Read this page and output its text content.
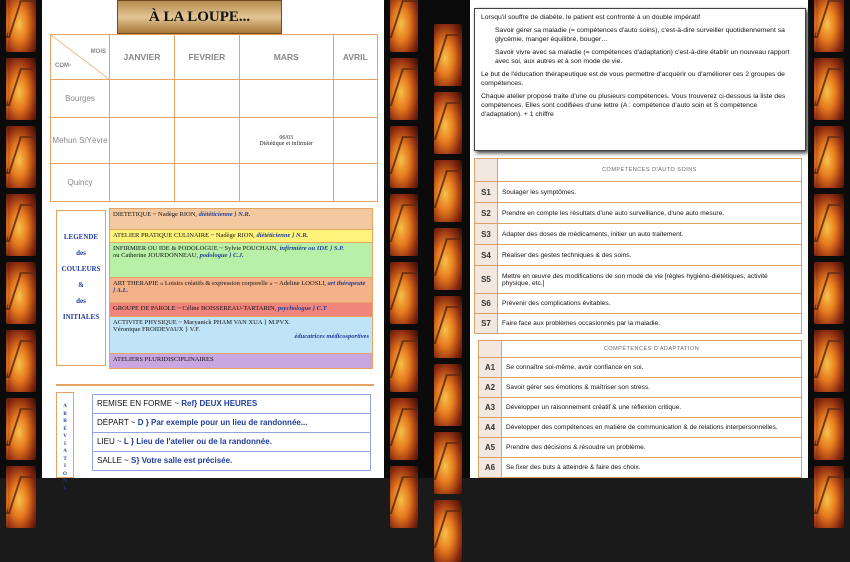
À LA LOUPE...
MOIS
COM-	JANVIER	FEVRIER	MARS	AVRIL
Bourges				
Mehun S/Yèvre			06/03
Diététique et infirmier	
Quincy				
LEGENDE
des
COULEURS
&
des
INITIALES
DIETETIQUE ~ Nadège RION, diététicienne } N.R.
ATELIER PRATIQUE CULINAIRE ~ Nadège RION, diététicienne } N.R.
INFIRMIER OU IDE & PODOLOGUE ~ Sylvie POUCHAIN, infirmière ou IDE } S.P.
ou Catherine JOURDONNEAU, podologue } C.J.
ART THERAPIE « Loisirs créatifs & expression corporelle » ~ Adeline LOOSLI, art thérapeute } A.L.
GROUPE DE PAROLE ~ Céline BOISSEREAU-TARTARIN, psychologue } C.T
ACTIVITE PHYSIQUE ~ Maryanick PHAM VAN XUA } M.PVX.
Véronique FROIDEVAUX } V.F.

éducatrices médicosportives
ATELIERS PLURIDISCIPLINAIRES
A
B
R
É
V
I
A
T
I
O
N
S
REMISE EN FORME ~ Ref} DEUX HEURES
DÉPART ~ D } Par exemple pour un lieu de randonnée...
LIEU ~ L } Lieu de l'atelier ou de la randonnée.
SALLE ~ S} Votre salle est précisée.

Lorsqu'il souffre de diabète, le patient est confronté à un double impératif

Savoir gérer sa maladie (= compétences d'auto soins), c'est-à-dire surveiller quotidiennement sa glycémie, manger équilibré, bouger…

Savoir vivre avec sa maladie (= compétences d'adaptation) c'est-à-dire établir un nouveau rapport avec soi, aux autres et à son mode de vie.

Le but de l'éducation thérapeutique est de vous permettre d'acquérir ou d'améliorer ces 2 groupes de compétences.

Chaque atelier proposé traite d'une ou plusieurs compétences. Vous trouverez ci-dessous la liste des compétences. Elles sont codifiées d'une lettre (A : compétence d'auto soin et S compétence d'adaptation). + 1 chiffre

	COMPÉTENCES D'AUTO SOINS
S1	Soulager les symptômes.
S2	Prendre en compte les résultats d'une auto surveillance, d'une auto mesure.
S3	Adapter des doses de médicaments, initier un auto traitement.
S4	Réaliser des gestes techniques & des soins.
S5	Mettre en œuvre des modifications de son mode de vie [règles hygiéno-diététiques, activité physique, etc.]
S6	Prévenir des complications évitables.
S7	Faire face aux problèmes occasionnés par la maladie.
	COMPÉTENCES D'ADAPTATION
A1	Se connaître soi-même, avoir confiance en soi.
A2	Savoir gérer ses émotions & maîtriser son stress.
A3	Développer un raisonnement créatif & une réflexion critique.
A4	Développer des compétences en matière de communication & de relations interpersonnelles.
A5	Prendre des décisions & résoudre un problème.
A6	Se fixer des buts à atteindre & faire des choix.
